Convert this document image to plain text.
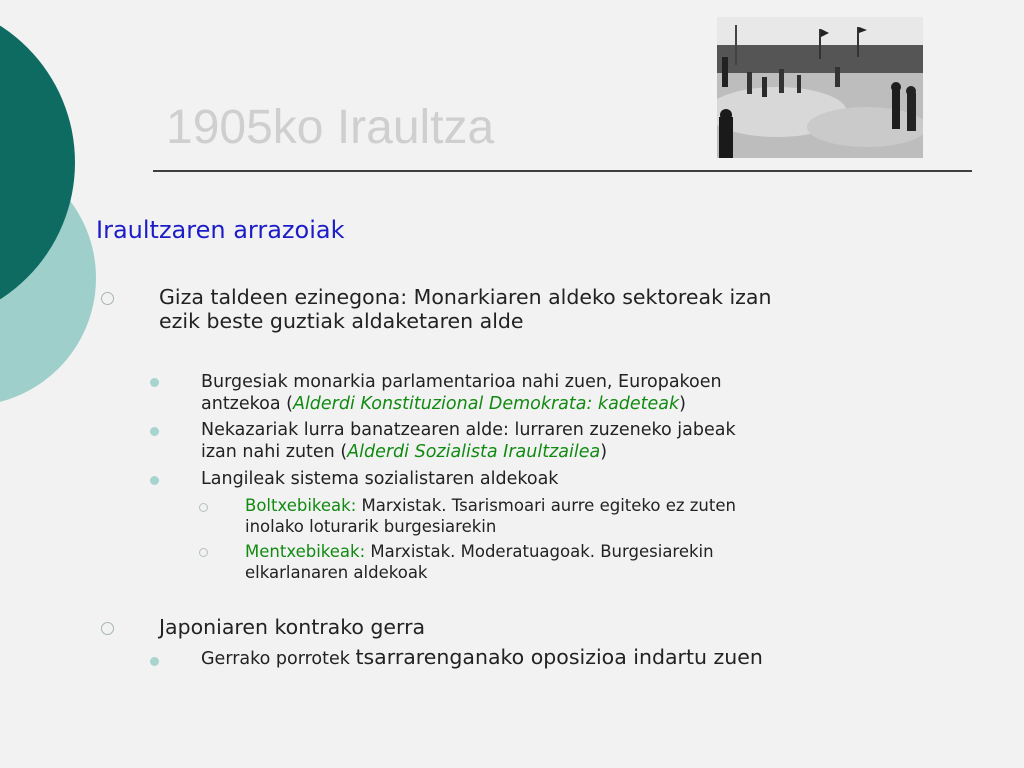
1905ko Iraultza

Iraultzaren arrazoiak

Giza taldeen ezinegona: Monarkiaren aldeko sektoreak izan

ezik beste guztiak aldaketaren alde

Burgesiak monarkia parlamentarioa nahi zuen, Europakoen

antzekoa (Alderdi Konstituzional Demokrata: kadeteak)

Nekazariak lurra banatzearen alde: lurraren zuzeneko jabeak

izan nahi zuten (Alderdi Sozialista Iraultzailea)

Langileak sistema sozialistaren aldekoak

Boltxebikeak: Marxistak. Tsarismoari aurre egiteko ez zuten

inolako loturarik burgesiarekin

Mentxebikeak: Marxistak. Moderatuagoak. Burgesiarekin

elkarlanaren aldekoak

Japoniaren kontrako gerra

Gerrako porrotek tsarrarenganako oposizioa indartu zuen
